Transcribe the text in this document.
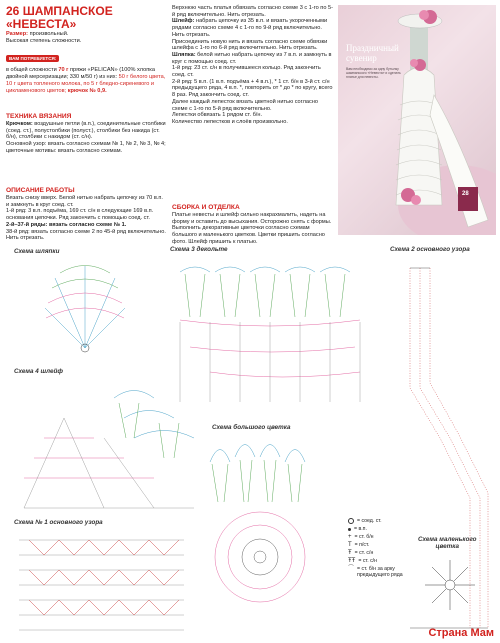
26 ШАМПАНСКОЕ «НЕВЕСТА»
Размер: произвольный.
Высокая степень сложности.
ВАМ ПОТРЕБУЕТСЯ:
в общей сложности 70 г пряжи «PELICAN» (100% хлопка двойной мерсеризации; 330 м/50 г) из них: 50 г белого цвета, 10 г цвета топленого молока, по 5 г бледно-сиреневого и цикламенового цветов; крючок № 0,9.
ТЕХНИКА ВЯЗАНИЯ
Крючком: воздушные петли (в.п.), соединительные столбики (соед. ст.), полустолбики (полуст.), столбики без накида (ст. б/н), столбики с накидом (ст. с/н).
Основной узор: вязать согласно схемам № 1, № 2, № 3, № 4;
цветочные мотивы: вязать согласно схемам.
ОПИСАНИЕ РАБОТЫ
Вязать снизу вверх. Белой нитью набрать цепочку из 70 в.п. и замкнуть в круг соед. ст.
1-й ряд: 3 в.п. подъёма, 169 ст. с/н в следующие 169 в.п. основания цепочки. Ряд закончить с помощью соед. ст.
2-й–37-й ряды: вязать согласно схеме № 1.
38-й ряд: вязать согласно схеме 2 по 45-й ряд включительно. Нить отрезать.
Верхнюю часть платья обвязать согласно схеме 3 с 1-го по 5-й ряд включительно. Нить отрезать.
Шлейф: набрать цепочку из 35 в.п. и вязать укороченными рядами согласно схеме 4 с 1-го по 9-й ряд включительно. Нить отрезать.
Присоединить новую нить и вязать согласно схеме обвязки шлейфа с 1-го по 6-й ряд включительно. Нить отрезать.
Шляпка: белой нитью набрать цепочку из 7 в.п. и замкнуть в круг с помощью соед. ст.
1-й ряд: 23 ст. с/н в получившееся кольцо. Ряд закончить соед. ст.
2-й ряд: 5 в.п. (1 в.п. подъёма + 4 в.п.), * 1 ст. б/н в 3-й ст. с/н предыдущего ряда, 4 в.п. *, повторить от * до * по кругу, всего 8 раз. Ряд закончить соед. ст.
Далее каждый лепесток вязать цветной нитью согласно схеме с 1-го по 5-й ряд включительно.
Лепестки обвязать 1 рядом ст. б/н.
Количество лепестков и слоёв произвольно.
СБОРКА И ОТДЕЛКА
Платье невесты и шлейф сильно накрахмалить, надеть на форму и оставить до высыхания. Осторожно снять с формы.
Выполнить декоративные цветочки согласно схемам большого и маленького цветков. Цветки пришить согласно фото. Шлейф пришить к платью.
Праздничный
сувенир
Вам необходимо за одну бутылку шампанского «Невеста» и сделать платье для невесты.
28
Схема шляпки	Схема 3 декольте	Схема 2 основного узора
Схема 4 шлейф
Схема большого цветка
Схема № 1 основного узора
Схема маленького
цветка
= соед. ст.
= в.п.
+ = ст. б/н
T = п/ст.
Ŧ = ст. с/н
ŦŦ = ст. с/н
⌒ = ст. б/н за арку предыдущего ряда
Страна Мам
